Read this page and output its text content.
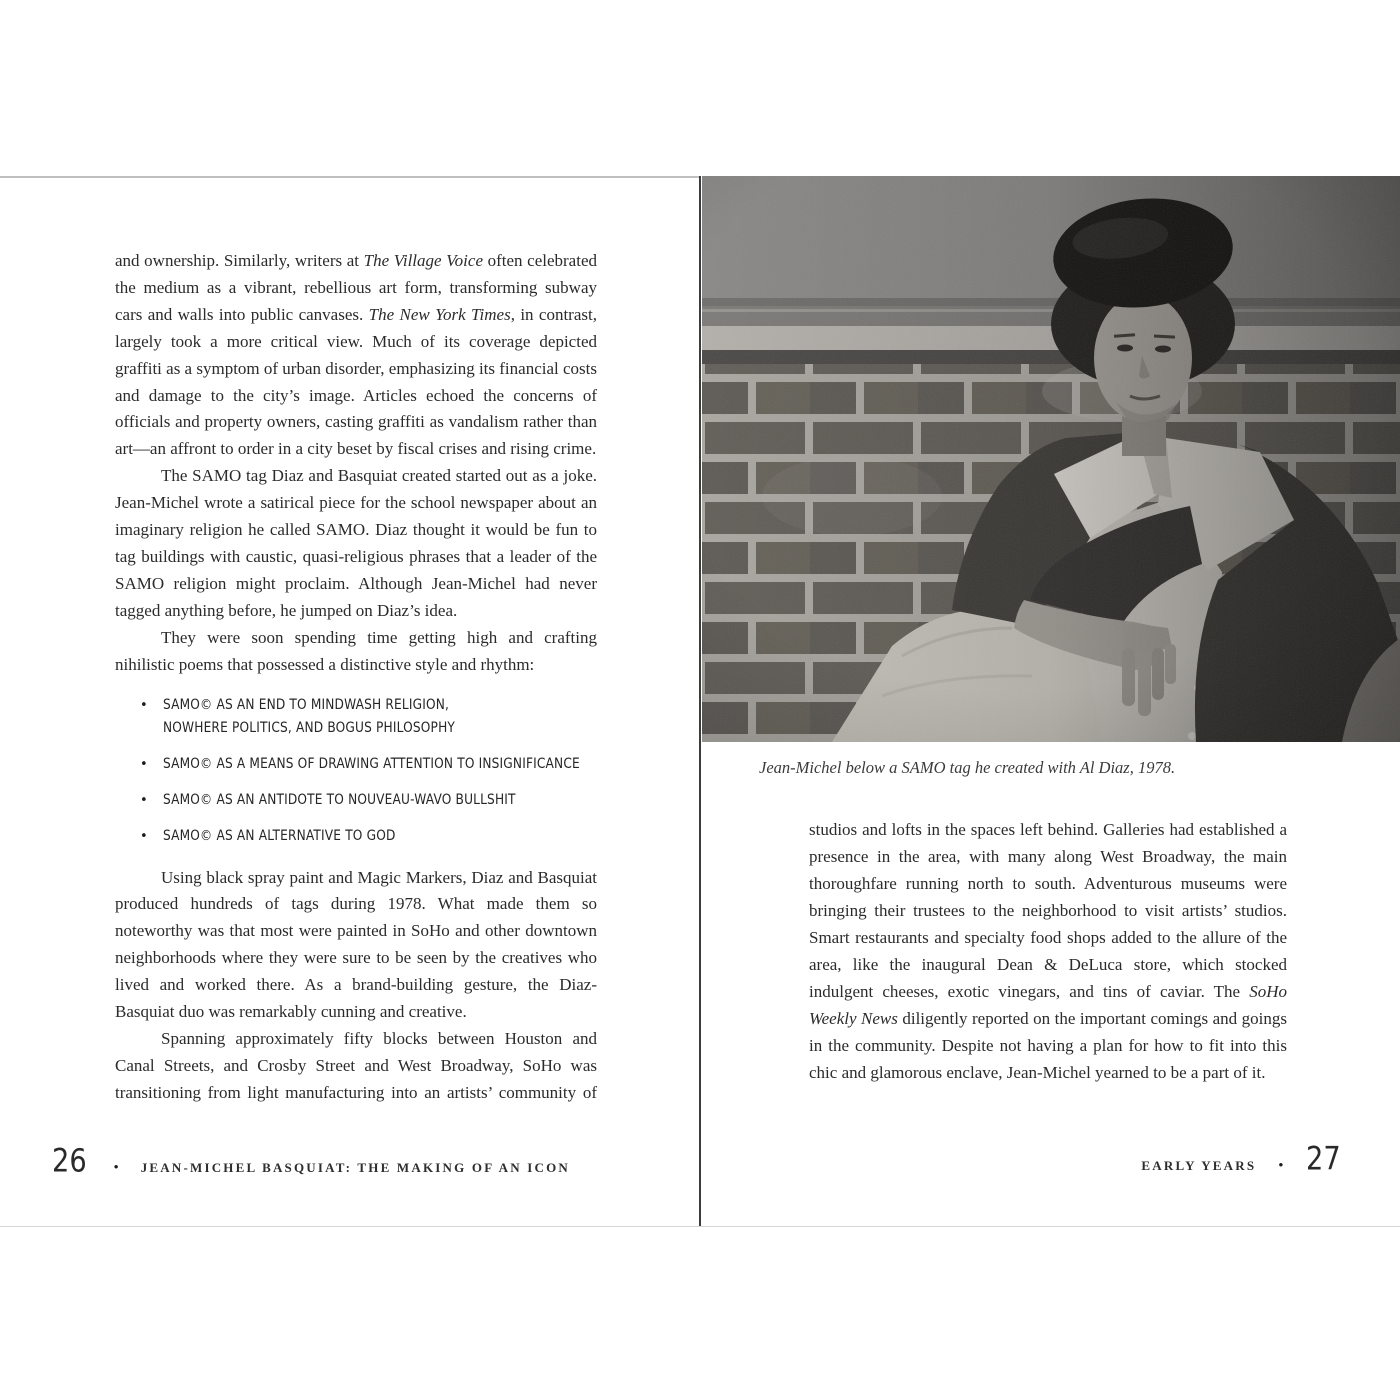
and ownership. Similarly, writers at The Village Voice often celebrated the medium as a vibrant, rebellious art form, transforming subway cars and walls into public canvases. The New York Times, in contrast, largely took a more critical view. Much of its coverage depicted graffiti as a symptom of urban disorder, emphasizing its financial costs and damage to the city’s image. Articles echoed the concerns of officials and property owners, casting graffiti as vandalism rather than art—an affront to order in a city beset by fiscal crises and rising crime.

The SAMO tag Diaz and Basquiat created started out as a joke. Jean-Michel wrote a satirical piece for the school newspaper about an imaginary religion he called SAMO. Diaz thought it would be fun to tag buildings with caustic, quasi-religious phrases that a leader of the SAMO religion might proclaim. Although Jean-Michel had never tagged anything before, he jumped on Diaz’s idea.

They were soon spending time getting high and crafting nihilistic poems that possessed a distinctive style and rhythm:

•	SAMO© AS AN END TO MINDWASH RELIGION,
NOWHERE POLITICS, AND BOGUS PHILOSOPHY
•	SAMO© AS A MEANS OF DRAWING ATTENTION TO INSIGNIFICANCE
•	SAMO© AS AN ANTIDOTE TO NOUVEAU-WAVO BULLSHIT
•	SAMO© AS AN ALTERNATIVE TO GOD

Using black spray paint and Magic Markers, Diaz and Basquiat produced hundreds of tags during 1978. What made them so noteworthy was that most were painted in SoHo and other downtown neighborhoods where they were sure to be seen by the creatives who lived and worked there. As a brand-building gesture, the Diaz-Basquiat duo was remarkably cunning and creative.

Spanning approximately fifty blocks between Houston and Canal Streets, and Crosby Street and West Broadway, SoHo was transitioning from light manufacturing into an artists’ community of

26 • JEAN-MICHEL BASQUIAT: THE MAKING OF AN ICON
Jean-Michel below a SAMO tag he created with Al Diaz, 1978.

studios and lofts in the spaces left behind. Galleries had established a presence in the area, with many along West Broadway, the main thoroughfare running north to south. Adventurous museums were bringing their trustees to the neighborhood to visit artists’ studios. Smart restaurants and specialty food shops added to the allure of the area, like the inaugural Dean & DeLuca store, which stocked indulgent cheeses, exotic vinegars, and tins of caviar. The SoHo Weekly News diligently reported on the important comings and goings in the community. Despite not having a plan for how to fit into this chic and glamorous enclave, Jean-Michel yearned to be a part of it.

EARLY YEARS • 27
